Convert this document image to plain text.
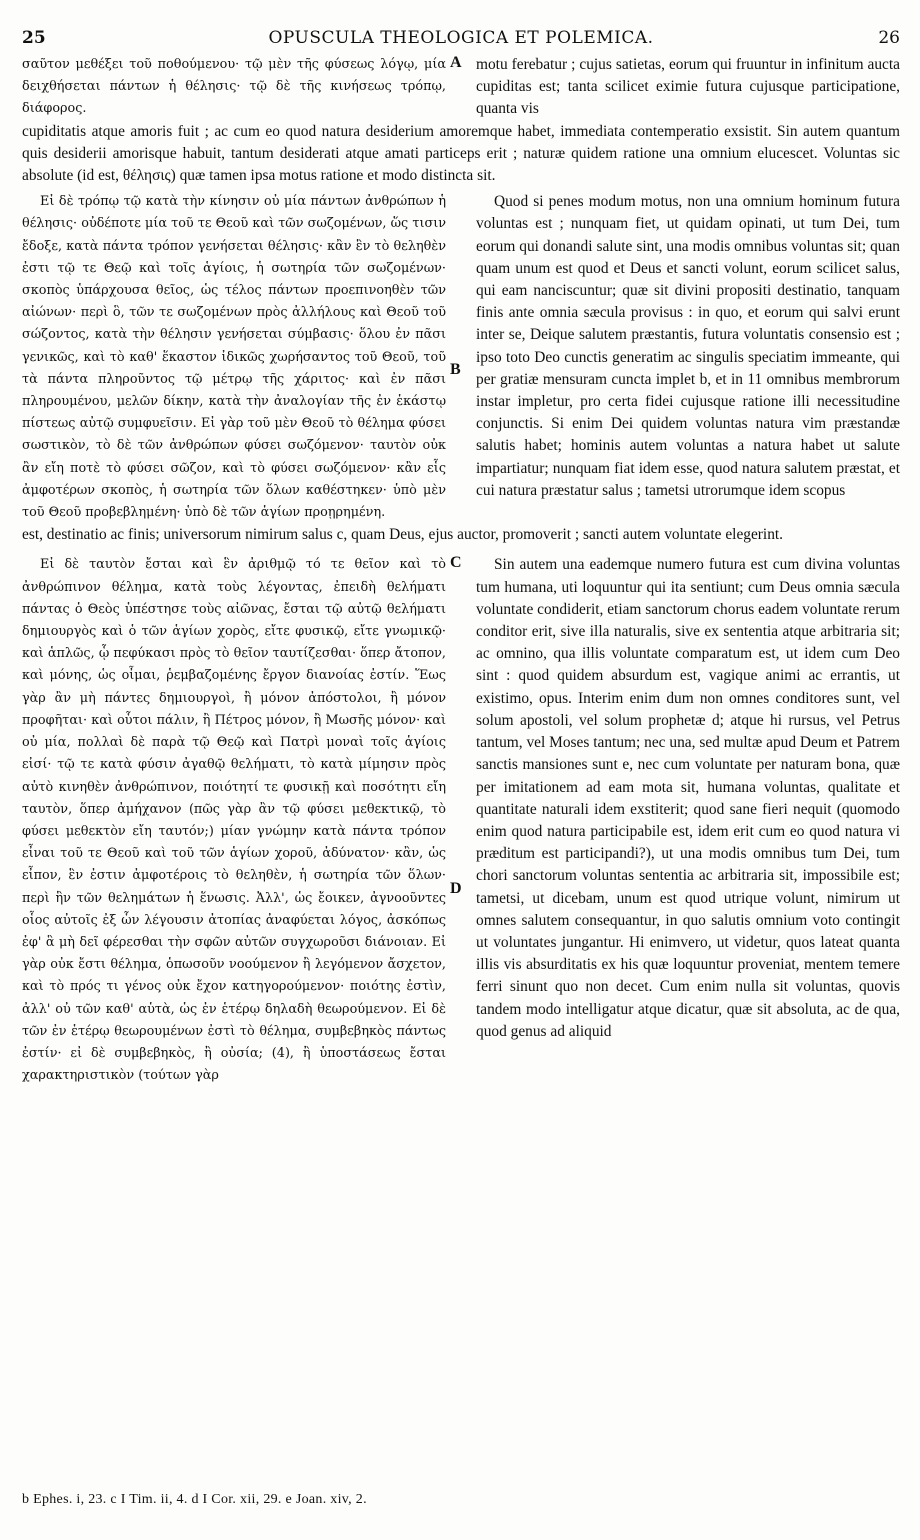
25	OPUSCULA THEOLOGICA ET POLEMICA.	26

σαῦτον μεθέξει τοῦ ποθούμενου· τῷ μὲν τῆς φύσεως λόγῳ, μία δειχθήσεται πάντων ἡ θέλησις· τῷ δὲ τῆς κινήσεως τρόπῳ, διάφορος.

A motu ferebatur ; cujus satietas, eorum qui fruuntur in infinitum aucta cupiditas est; tanta scilicet eximie futura cujusque participatione, quanta vis

cupiditatis atque amoris fuit ; ac cum eo quod natura desiderium amoremque habet, immediata contemperatio exsistit. Sin autem quantum quis desiderii amorisque habuit, tantum desiderati atque amati particeps erit ; naturæ quidem ratione una omnium elucescet. Voluntas sic absolute (id est, θέλησις) quæ tamen ipsa motus ratione et modo distincta sit.

Εἰ δὲ τρόπῳ τῷ κατὰ τὴν κίνησιν οὐ μία πάντων ἀνθρώπων ἡ θέλησις· οὐδέποτε μία τοῦ τε Θεοῦ καὶ τῶν σωζομένων, ὥς τισιν ἔδοξε, κατὰ πάντα τρόπον γενήσεται θέλησις· κἂν ἓν τὸ θεληθὲν ἐστι τῷ τε Θεῷ καὶ τοῖς ἁγίοις, ἡ σωτηρία τῶν σωζομένων· σκοπὸς ὑπάρχουσα θεῖος, ὡς τέλος πάντων προεπινοηθὲν τῶν αἰώνων· περὶ ὃ, τῶν τε σωζομένων πρὸς ἀλλήλους καὶ Θεοῦ τοῦ σώζοντος, κατὰ τὴν θέλησιν γενήσεται σύμβασις· ὅλου ἐν πᾶσι γενικῶς, καὶ τὸ καθ' ἕκαστον ἰδικῶς χωρήσαντος τοῦ Θεοῦ, τοῦ τὰ πάντα πληροῦντος τῷ μέτρῳ τῆς χάριτος· καὶ ἐν πᾶσι πληρουμένου, μελῶν δίκην, κατὰ τὴν ἀναλογίαν τῆς ἐν ἑκάστῳ πίστεως αὐτῷ συμφυεῖσιν. Εἰ γὰρ τοῦ μὲν Θεοῦ τὸ θέλημα φύσει σωστικὸν, τὸ δὲ τῶν ἀνθρώπων φύσει σωζόμενον· ταυτὸν οὐκ ἂν εἴη ποτὲ τὸ φύσει σῶζον, καὶ τὸ φύσει σωζόμενον· κἂν εἷς ἀμφοτέρων σκοπὸς, ἡ σωτηρία τῶν ὅλων καθέστηκεν· ὑπὸ μὲν τοῦ Θεοῦ προβεβλημένη· ὑπὸ δὲ τῶν ἁγίων προῃρημένη.

B

Quod si penes modum motus, non una omnium hominum futura voluntas est ; nunquam fiet, ut quidam opinati, ut tum Dei, tum eorum qui donandi salute sint, una modis omnibus voluntas sit; quan quam unum est quod et Deus et sancti volunt, eorum scilicet salus, qui eam nanciscuntur; quæ sit divini propositi destinatio, tanquam finis ante omnia sæcula provisus : in quo, et eorum qui salvi erunt inter se, Deique salutem præstantis, futura voluntatis consensio est ; ipso toto Deo cunctis generatim ac singulis speciatim immeante, qui per gratiæ mensuram cuncta implet b, et in 11 omnibus membrorum instar impletur, pro certa fidei cujusque ratione illi necessitudine conjunctis. Si enim Dei quidem voluntas natura vim præstandæ salutis habet; hominis autem voluntas a natura habet ut salute impartiatur; nunquam fiat idem esse, quod natura salutem præstat, et cui natura præstatur salus ; tametsi utrorumque idem scopus

est, destinatio ac finis; universorum nimirum salus c, quam Deus, ejus auctor, promoverit ; sancti autem voluntate elegerint.

Εἰ δὲ ταυτὸν ἔσται καὶ ἓν ἀριθμῷ τό τε θεῖον καὶ τὸ ἀνθρώπινον θέλημα, κατὰ τοὺς λέγοντας, ἐπειδὴ θελήματι πάντας ὁ Θεὸς ὑπέστησε τοὺς αἰῶνας, ἔσται τῷ αὐτῷ θελήματι δημιουργὸς καὶ ὁ τῶν ἁγίων χορὸς, εἴτε φυσικῷ, εἴτε γνωμικῷ· καὶ ἁπλῶς, ᾧ πεφύκασι πρὸς τὸ θεῖον ταυτίζεσθαι· ὅπερ ἄτοπον, καὶ μόνης, ὡς οἶμαι, ῥεμβαζομένης ἔργον διανοίας ἐστίν. Ἕως γὰρ ἂν μὴ πάντες δημιουργοὶ, ἢ μόνον ἀπόστολοι, ἢ μόνον προφῆται· καὶ οὗτοι πάλιν, ἢ Πέτρος μόνον, ἢ Μωσῆς μόνον· καὶ οὐ μία, πολλαὶ δὲ παρὰ τῷ Θεῷ καὶ Πατρὶ μοναὶ τοῖς ἁγίοις εἰσί· τῷ τε κατὰ φύσιν ἀγαθῷ θελήματι, τὸ κατὰ μίμησιν πρὸς αὐτὸ κινηθὲν ἀνθρώπινον, ποιότητί τε φυσικῇ καὶ ποσότητι εἴη ταυτὸν, ὅπερ ἀμήχανον (πῶς γὰρ ἂν τῷ φύσει μεθεκτικῷ, τὸ φύσει μεθεκτὸν εἴη ταυτόν;) μίαν γνώμην κατὰ πάντα τρόπον εἶναι τοῦ τε Θεοῦ καὶ τοῦ τῶν ἁγίων χοροῦ, ἀδύνατον· κἂν, ὡς εἶπον, ἓν ἐστιν ἀμφοτέροις τὸ θεληθὲν, ἡ σωτηρία τῶν ὅλων· περὶ ἣν τῶν θελημάτων ἡ ἕνωσις. Ἀλλ', ὡς ἔοικεν, ἀγνοοῦντες οἷος αὐτοῖς ἐξ ὧν λέγουσιν ἀτοπίας ἀναφύεται λόγος, ἀσκόπως ἐφ' ἃ μὴ δεῖ φέρεσθαι τὴν σφῶν αὐτῶν συγχωροῦσι διάνοιαν. Εἰ γὰρ οὐκ ἔστι θέλημα, ὁπωσοῦν νοούμενον ἢ λεγόμενον ἄσχετον, καὶ τὸ πρός τι γένος οὐκ ἔχον κατηγορούμενον· ποιότης ἐστὶν, ἀλλ' οὐ τῶν καθ' αὑτὰ, ὡς ἐν ἑτέρῳ δηλαδὴ θεωρούμενον. Εἰ δὲ τῶν ἐν ἑτέρῳ θεωρουμένων ἐστὶ τὸ θέλημα, συμβεβηκὸς πάντως ἐστίν· εἰ δὲ συμβεβηκὸς, ἢ οὐσία; (4), ἢ ὑποστάσεως ἔσται χαρακτηριστικὸν (τούτων γὰρ

C
D

Sin autem una eademque numero futura est cum divina voluntas tum humana, uti loquuntur qui ita sentiunt; cum Deus omnia sæcula voluntate condiderit, etiam sanctorum chorus eadem voluntate rerum conditor erit, sive illa naturalis, sive ex sententia atque arbitraria sit; ac omnino, qua illis voluntate comparatum est, ut idem cum Deo sint : quod quidem absurdum est, vagique animi ac errantis, ut existimo, opus. Interim enim dum non omnes conditores sunt, vel solum apostoli, vel solum prophetæ d; atque hi rursus, vel Petrus tantum, vel Moses tantum; nec una, sed multæ apud Deum et Patrem sanctis mansiones sunt e, nec cum voluntate per naturam bona, quæ per imitationem ad eam mota sit, humana voluntas, qualitate et quantitate naturali idem exstiterit; quod sane fieri nequit (quomodo enim quod natura participabile est, idem erit cum eo quod natura vi præditum est participandi?), ut una modis omnibus tum Dei, tum chori sanctorum voluntas sententia ac arbitraria sit, impossibile est; tametsi, ut dicebam, unum est quod utrique volunt, nimirum ut omnes salutem consequantur, in quo salutis omnium voto contingit ut voluntates jungantur. Hi enimvero, ut videtur, quos lateat quanta illis vis absurditatis ex his quæ loquuntur proveniat, mentem temere ferri sinunt quo non decet. Cum enim nulla sit voluntas, quovis tandem modo intelligatur atque dicatur, quæ sit absoluta, ac de qua, quod genus ad aliquid

b Ephes. i, 23. c I Tim. ii, 4. d I Cor. xii, 29. e Joan. xiv, 2.
